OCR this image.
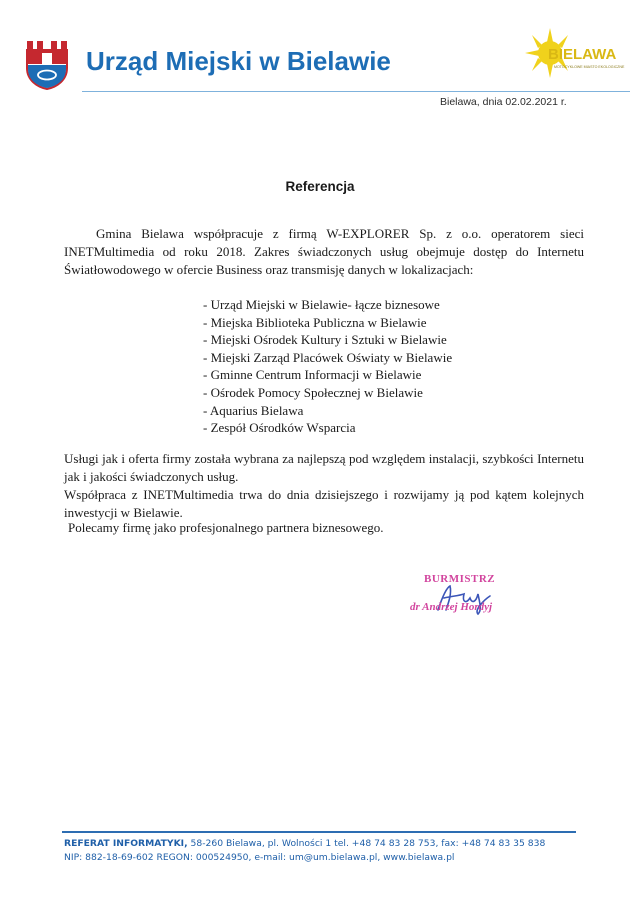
Urząd Miejski w Bielawie	BIELAWA
MOTOCYKLOWE MIASTO EKOLOGICZNE
Bielawa, dnia 02.02.2021 r.
Referencja
Gmina Bielawa współpracuje z firmą W-EXPLORER Sp. z o.o. operatorem sieci INETMultimedia od roku 2018. Zakres świadczonych usług obejmuje dostęp do Internetu Światłowodowego w ofercie Business oraz transmisję danych w lokalizacjach:
- Urząd Miejski w Bielawie- łącze biznesowe
- Miejska Biblioteka Publiczna w Bielawie
- Miejski Ośrodek Kultury i Sztuki w Bielawie
- Miejski Zarząd Placówek Oświaty w Bielawie
- Gminne Centrum Informacji w Bielawie
- Ośrodek Pomocy Społecznej w Bielawie
- Aquarius Bielawa
- Zespół Ośrodków Wsparcia
Usługi jak i oferta firmy została wybrana za najlepszą pod względem instalacji, szybkości Internetu jak i jakości świadczonych usług.
Współpraca z INETMultimedia trwa do dnia dzisiejszego i rozwijamy ją pod kątem kolejnych inwestycji w Bielawie.
Polecamy firmę jako profesjonalnego partnera biznesowego.
BURMISTRZ
dr Andrzej Hordyj
REFERAT INFORMATYKI, 58-260 Bielawa, pl. Wolności 1 tel. +48 74 83 28 753, fax: +48 74 83 35 838
NIP: 882-18-69-602 REGON: 000524950, e-mail: um@um.bielawa.pl, www.bielawa.pl
